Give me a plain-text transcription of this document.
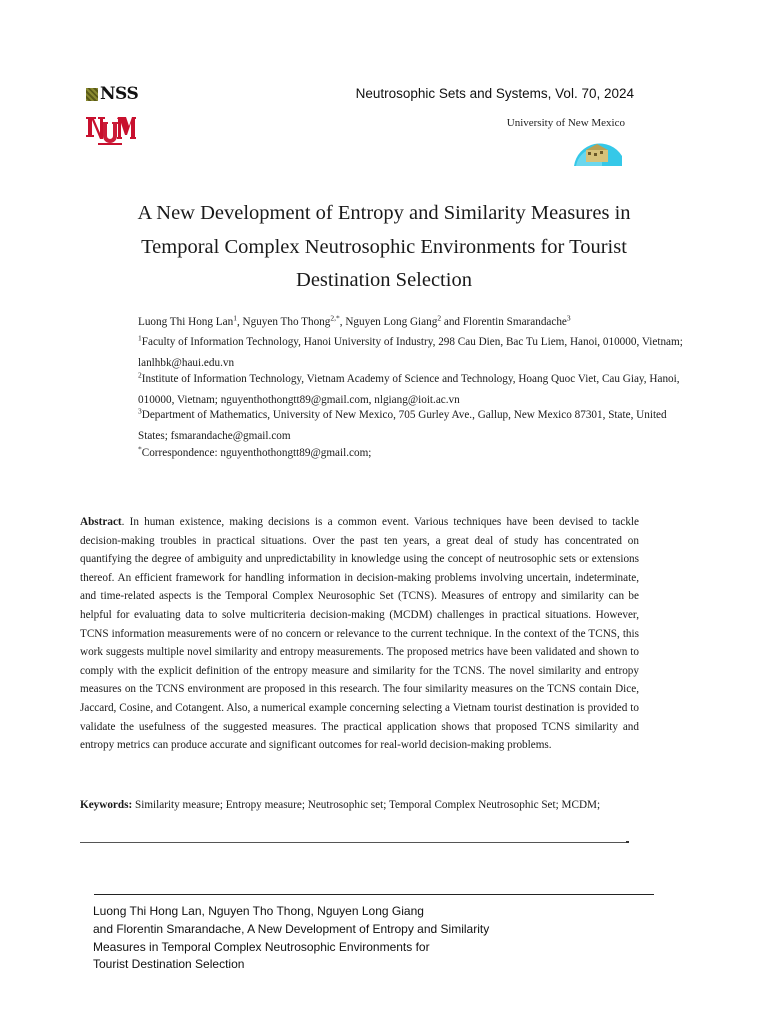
NSS	Neutrosophic Sets and Systems, Vol. 70, 2024
University of New Mexico
A New Development of Entropy and Similarity Measures in
Temporal Complex Neutrosophic Environments for Tourist
Destination Selection
Luong Thi Hong Lan$^1$, Nguyen Tho Thong$^{2,*}$, Nguyen Long Giang$^2$ and Florentin Smarandache$^3$
$^1$Faculty of Information Technology, Hanoi University of Industry, 298 Cau Dien, Bac Tu Liem, Hanoi, 010000, Vietnam; lanlhbk@haui.edu.vn
$^2$Institute of Information Technology, Vietnam Academy of Science and Technology, Hoang Quoc Viet, Cau Giay, Hanoi, 010000, Vietnam; nguyenthothongtt89@gmail.com, nlgiang@ioit.ac.vn
$^3$Department of Mathematics, University of New Mexico, 705 Gurley Ave., Gallup, New Mexico 87301, State, United States; fsmarandache@gmail.com
*Correspondence: nguyenthothongtt89@gmail.com;
Abstract. In human existence, making decisions is a common event. Various techniques have been devised to tackle decision-making troubles in practical situations. Over the past ten years, a great deal of study has concentrated on quantifying the degree of ambiguity and unpredictability in knowledge using the concept of neutrosophic sets or extensions thereof. An efficient framework for handling information in decision-making problems involving uncertain, indeterminate, and time-related aspects is the Temporal Complex Neurosophic Set (TCNS). Measures of entropy and similarity can be helpful for evaluating data to solve multicriteria decision-making (MCDM) challenges in practical situations. However, TCNS information measurements were of no concern or relevance to the current technique. In the context of the TCNS, this work suggests multiple novel similarity and entropy measurements. The proposed metrics have been validated and shown to comply with the explicit definition of the entropy measure and similarity for the TCNS. The novel similarity and entropy measures on the TCNS environment are proposed in this research. The four similarity measures on the TCNS contain Dice, Jaccard, Cosine, and Cotangent. Also, a numerical example concerning selecting a Vietnam tourist destination is provided to validate the usefulness of the suggested measures. The practical application shows that proposed TCNS similarity and entropy metrics can produce accurate and significant outcomes for real-world decision-making problems.
Keywords: Similarity measure; Entropy measure; Neutrosophic set; Temporal Complex Neutrosophic Set; MCDM;
Luong Thi Hong Lan, Nguyen Tho Thong, Nguyen Long Giang
and Florentin Smarandache, A New Development of Entropy and Similarity
Measures in Temporal Complex Neutrosophic Environments for
Tourist Destination Selection
